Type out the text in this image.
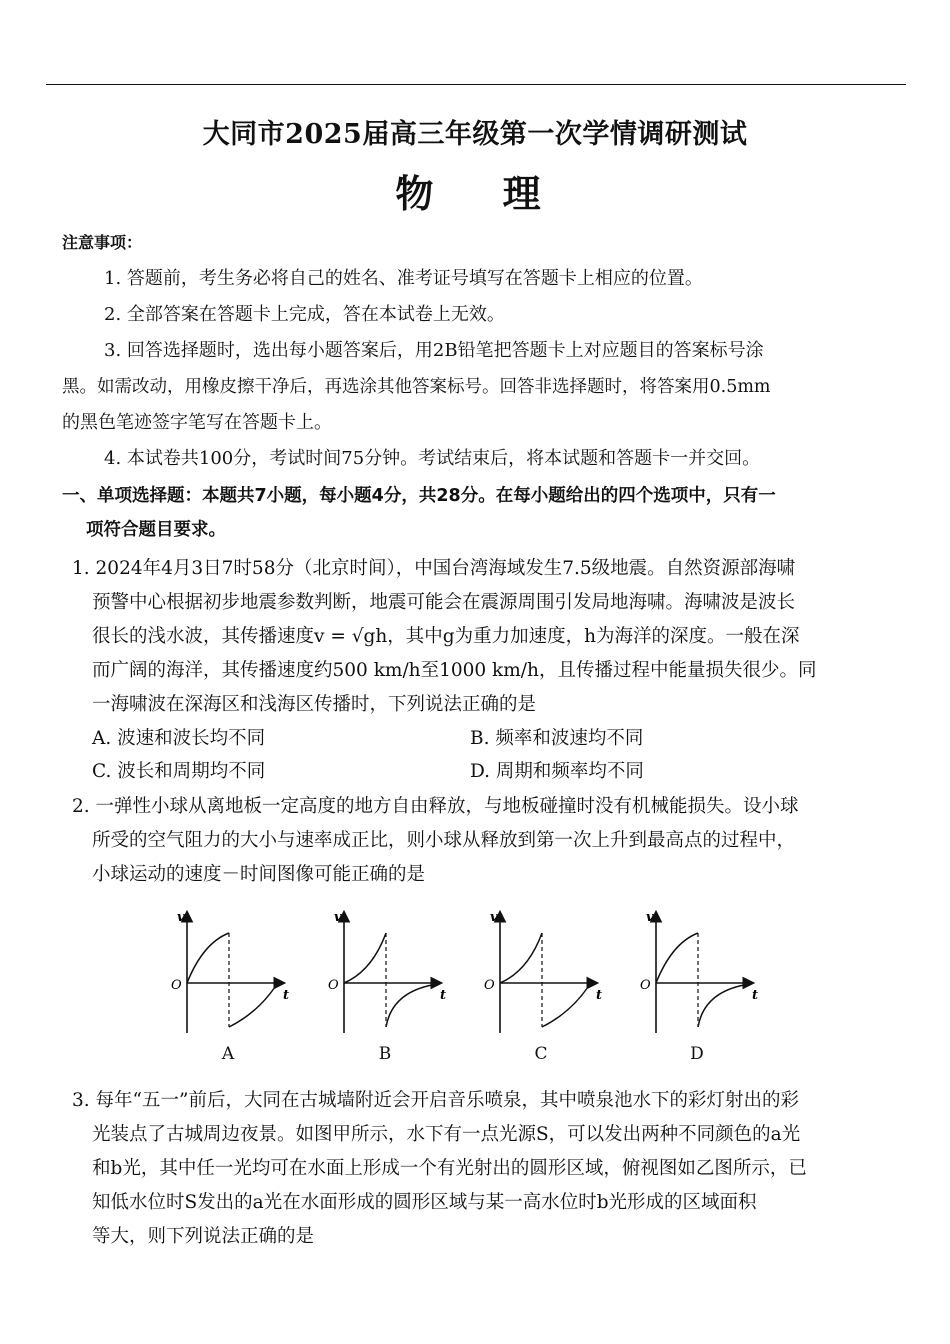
大同市2025届高三年级第一次学情调研测试
物 理
注意事项：
1. 答题前，考生务必将自己的姓名、准考证号填写在答题卡上相应的位置。
2. 全部答案在答题卡上完成，答在本试卷上无效。
3. 回答选择题时，选出每小题答案后，用2B铅笔把答题卡上对应题目的答案标号涂
黑。如需改动，用橡皮擦干净后，再选涂其他答案标号。回答非选择题时，将答案用0.5mm
的黑色笔迹签字笔写在答题卡上。
4. 本试卷共100分，考试时间75分钟。考试结束后，将本试题和答题卡一并交回。
一、单项选择题：本题共7小题，每小题4分，共28分。在每小题给出的四个选项中，只有一
项符合题目要求。
1. 2024年4月3日7时58分（北京时间），中国台湾海域发生7.5级地震。自然资源部海啸
预警中心根据初步地震参数判断，地震可能会在震源周围引发局地海啸。海啸波是波长
很长的浅水波，其传播速度v = √gh，其中g为重力加速度，h为海洋的深度。一般在深
而广阔的海洋，其传播速度约500 km/h至1000 km/h，且传播过程中能量损失很少。同
一海啸波在深海区和浅海区传播时，下列说法正确的是
A. 波速和波长均不同	B. 频率和波速均不同
C. 波长和周期均不同	D. 周期和频率均不同
2. 一弹性小球从离地板一定高度的地方自由释放，与地板碰撞时没有机械能损失。设小球
所受的空气阻力的大小与速率成正比，则小球从释放到第一次上升到最高点的过程中，
小球运动的速度－时间图像可能正确的是
v
O
t
A
v
O
t
B
v
O
t
C
v
O
t
D
3. 每年“五一”前后，大同在古城墙附近会开启音乐喷泉，其中喷泉池水下的彩灯射出的彩
光装点了古城周边夜景。如图甲所示，水下有一点光源S，可以发出两种不同颜色的a光
和b光，其中任一光均可在水面上形成一个有光射出的圆形区域，俯视图如乙图所示，已
知低水位时S发出的a光在水面形成的圆形区域与某一高水位时b光形成的区域面积
等大，则下列说法正确的是
